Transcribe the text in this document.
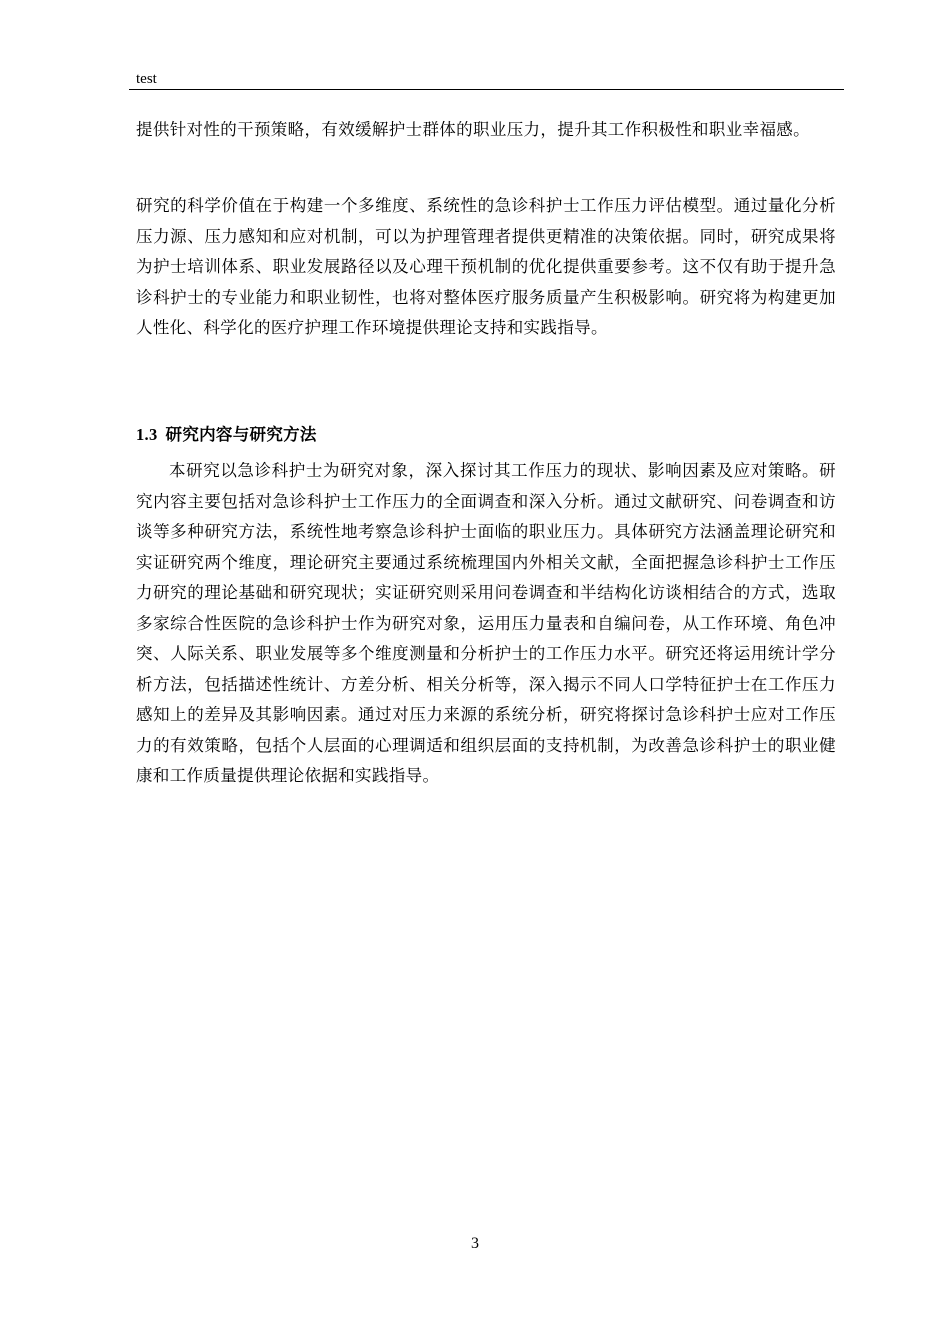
test
提供针对性的干预策略，有效缓解护士群体的职业压力，提升其工作积极性和职业幸福感。
研究的科学价值在于构建一个多维度、系统性的急诊科护士工作压力评估模型。通过量化分析压力源、压力感知和应对机制，可以为护理管理者提供更精准的决策依据。同时，研究成果将为护士培训体系、职业发展路径以及心理干预机制的优化提供重要参考。这不仅有助于提升急诊科护士的专业能力和职业韧性，也将对整体医疗服务质量产生积极影响。研究将为构建更加人性化、科学化的医疗护理工作环境提供理论支持和实践指导。
1.3 研究内容与研究方法
本研究以急诊科护士为研究对象，深入探讨其工作压力的现状、影响因素及应对策略。研究内容主要包括对急诊科护士工作压力的全面调查和深入分析。通过文献研究、问卷调查和访谈等多种研究方法，系统性地考察急诊科护士面临的职业压力。具体研究方法涵盖理论研究和实证研究两个维度，理论研究主要通过系统梳理国内外相关文献，全面把握急诊科护士工作压力研究的理论基础和研究现状；实证研究则采用问卷调查和半结构化访谈相结合的方式，选取多家综合性医院的急诊科护士作为研究对象，运用压力量表和自编问卷，从工作环境、角色冲突、人际关系、职业发展等多个维度测量和分析护士的工作压力水平。研究还将运用统计学分析方法，包括描述性统计、方差分析、相关分析等，深入揭示不同人口学特征护士在工作压力感知上的差异及其影响因素。通过对压力来源的系统分析，研究将探讨急诊科护士应对工作压力的有效策略，包括个人层面的心理调适和组织层面的支持机制，为改善急诊科护士的职业健康和工作质量提供理论依据和实践指导。
3
